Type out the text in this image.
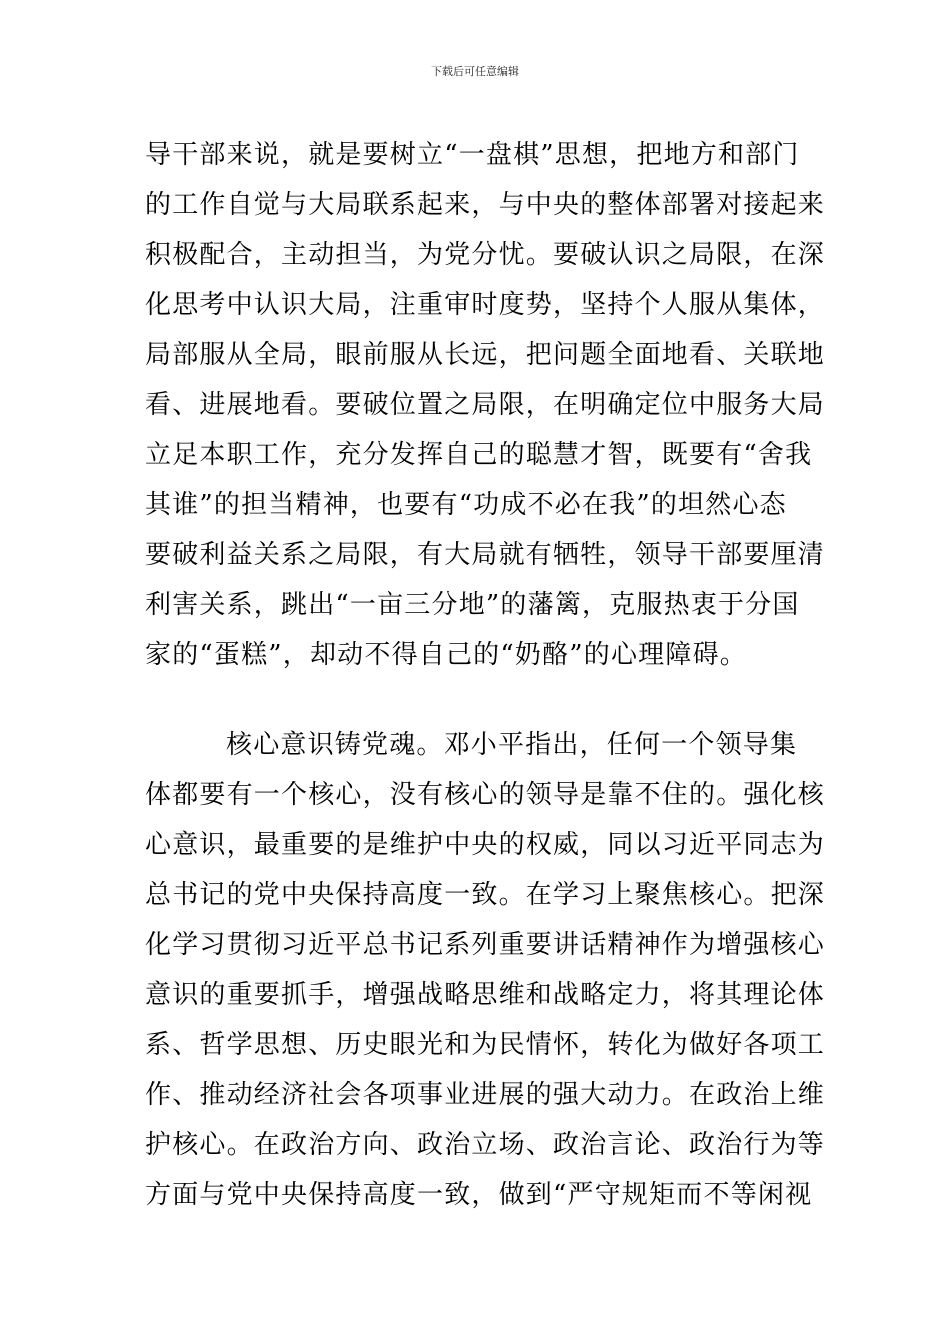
下载后可任意编辑
导干部来说，就是要树立“一盘棋”思想，把地方和部门
的工作自觉与大局联系起来，与中央的整体部署对接起来
积极配合，主动担当，为党分忧。要破认识之局限，在深
化思考中认识大局，注重审时度势，坚持个人服从集体，
局部服从全局，眼前服从长远，把问题全面地看、关联地
看、进展地看。要破位置之局限，在明确定位中服务大局
立足本职工作，充分发挥自己的聪慧才智，既要有“舍我
其谁”的担当精神，也要有“功成不必在我”的坦然心态
要破利益关系之局限，有大局就有牺牲，领导干部要厘清
利害关系，跳出“一亩三分地”的藩篱，克服热衷于分国
家的“蛋糕”，却动不得自己的“奶酪”的心理障碍。
核心意识铸党魂。邓小平指出，任何一个领导集
体都要有一个核心，没有核心的领导是靠不住的。强化核
心意识，最重要的是维护中央的权威，同以习近平同志为
总书记的党中央保持高度一致。在学习上聚焦核心。把深
化学习贯彻习近平总书记系列重要讲话精神作为增强核心
意识的重要抓手，增强战略思维和战略定力，将其理论体
系、哲学思想、历史眼光和为民情怀，转化为做好各项工
作、推动经济社会各项事业进展的强大动力。在政治上维
护核心。在政治方向、政治立场、政治言论、政治行为等
方面与党中央保持高度一致，做到“严守规矩而不等闲视
